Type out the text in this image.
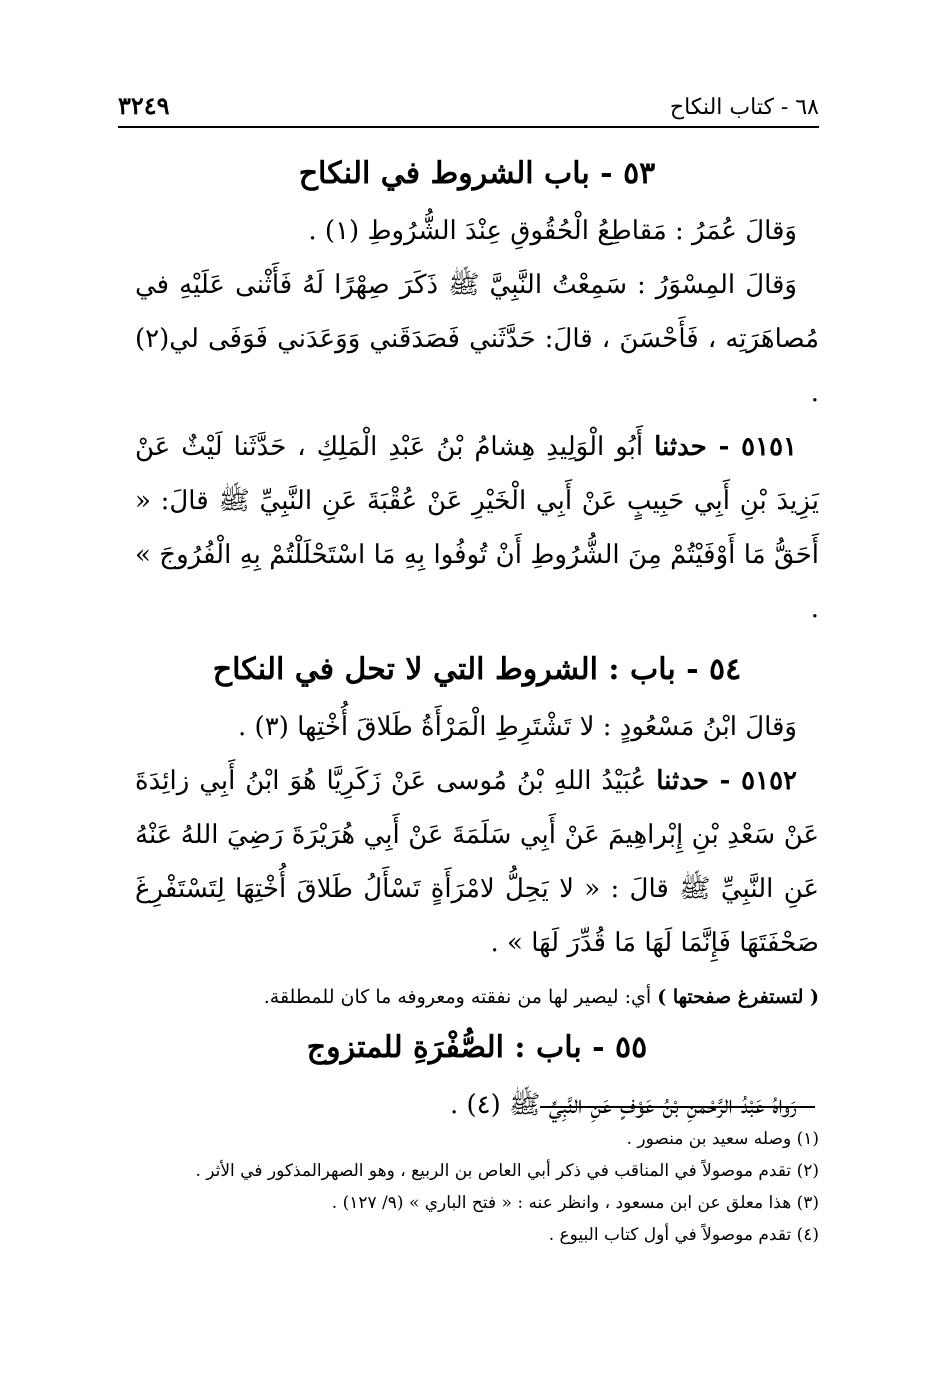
٦٨ - كتاب النكاح
٣٢٤٩
٥٣ - باب الشروط في النكاح

وَقالَ عُمَرُ : مَقاطِعُ الْحُقُوقِ عِنْدَ الشُّرُوطِ (١) .

وَقالَ المِسْوَرُ : سَمِعْتُ النَّبِيَّ ﷺ ذَكَرَ صِهْرًا لَهُ فَأَثْنى عَلَيْهِ في مُصاهَرَتِه ، فَأَحْسَنَ ، قالَ: حَدَّثَني فَصَدَقَني وَوَعَدَني فَوَفَى لي(٢) .

٥١٥١ - حدثنا أَبُو الْوَلِيدِ هِشامُ بْنُ عَبْدِ الْمَلِكِ ، حَدَّثَنا لَيْثٌ عَنْ يَزِيدَ بْنِ أَبِي حَبِيبٍ عَنْ أَبِي الْخَيْرِ عَنْ عُقْبَةَ عَنِ النَّبِيِّ ﷺ قالَ: « أَحَقُّ مَا أَوْفَيْتُمْ مِنَ الشُّرُوطِ أَنْ تُوفُوا بِهِ مَا اسْتَحْلَلْتُمْ بِهِ الْفُرُوجَ » .

٥٤ - باب : الشروط التي لا تحل في النكاح

وَقالَ ابْنُ مَسْعُودٍ : لا تَشْتَرِطِ الْمَرْأَةُ طَلاقَ أُخْتِها (٣) .

٥١٥٢ - حدثنا عُبَيْدُ اللهِ بْنُ مُوسى عَنْ زَكَرِيَّا هُوَ ابْنُ أَبِي زائِدَةَ عَنْ سَعْدِ بْنِ إِبْراهِيمَ عَنْ أَبِي سَلَمَةَ عَنْ أَبِي هُرَيْرَةَ رَضِيَ اللهُ عَنْهُ عَنِ النَّبِيِّ ﷺ قالَ : « لا يَحِلُّ لامْرَأَةٍ تَسْأَلُ طَلاقَ أُخْتِهَا لِتَسْتَفْرِغَ صَحْفَتَهَا فَإِنَّمَا لَهَا مَا قُدِّرَ لَهَا » .

( لتستفرغ صفحتها ) أي: ليصير لها من نفقته ومعروفه ما كان للمطلقة.

٥٥ - باب : الصُّفْرَةِ للمتزوج

رَواهُ عَبْدُ الرَّحْمنِ بْنُ عَوْفٍ عَنِ النَّبِيِّ ﷺ (٤) .

(١) وصله سعيد بن منصور .

(٢) تقدم موصولاً في المناقب في ذكر أبي العاص بن الربيع ، وهو الصهرالمذكور في الأثر .

(٣) هذا معلق عن ابن مسعود ، وانظر عنه : « فتح الباري » (٩/ ١٢٧) .

(٤) تقدم موصولاً في أول كتاب البيوع .
